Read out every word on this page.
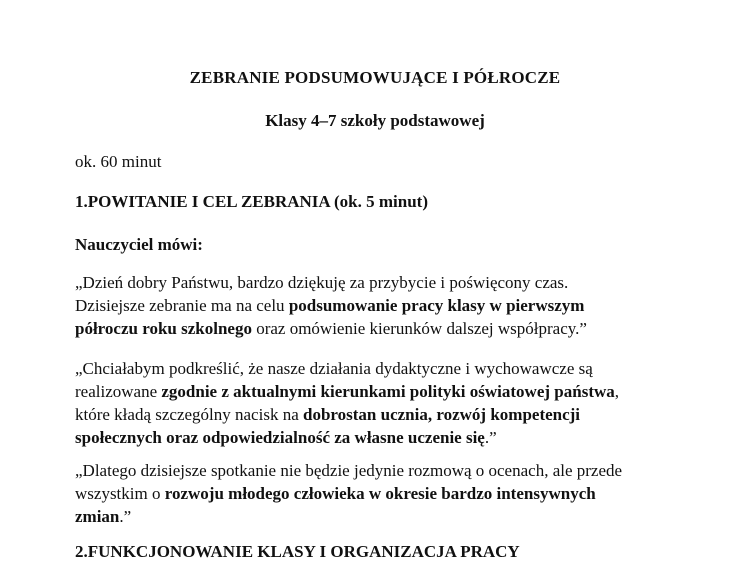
ZEBRANIE PODSUMOWUJĄCE I PÓŁROCZE
Klasy 4–7 szkoły podstawowej
ok. 60 minut
1.POWITANIE I CEL ZEBRANIA (ok. 5 minut)
Nauczyciel mówi:
„Dzień dobry Państwu, bardzo dziękuję za przybycie i poświęcony czas.
Dzisiejsze zebranie ma na celu podsumowanie pracy klasy w pierwszym
półroczu roku szkolnego oraz omówienie kierunków dalszej współpracy.”
„Chciałabym podkreślić, że nasze działania dydaktyczne i wychowawcze są
realizowane zgodnie z aktualnymi kierunkami polityki oświatowej państwa,
które kładą szczególny nacisk na dobrostan ucznia, rozwój kompetencji
społecznych oraz odpowiedzialność za własne uczenie się.”
„Dlatego dzisiejsze spotkanie nie będzie jedynie rozmową o ocenach, ale przede
wszystkim o rozwoju młodego człowieka w okresie bardzo intensywnych
zmian.”
2.FUNKCJONOWANIE KLASY I ORGANIZACJA PRACY
